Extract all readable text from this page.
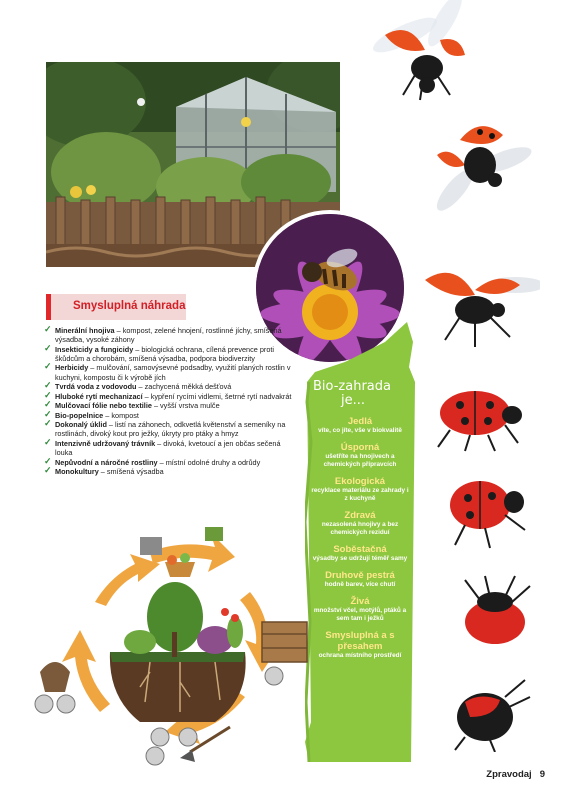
Smysluplná náhrada
✓ Minerální hnojiva – kompost, zelené hnojení, rostlinné jíchy, smíšená výsadba, vysoké záhony
✓ Insekticidy a fungicidy – biologická ochrana, cílená prevence proti škůdcům a chorobám, smíšená výsadba, podpora biodiverzity
✓ Herbicidy – mulčování, samovýsevné podsadby, využití planých rostlin v kuchyni, kompostu či k výrobě jích
✓ Tvrdá voda z vodovodu – zachycená měkká dešťová
✓ Hluboké rytí mechanizací – kypření rycími vidlemi, šetrné rytí nadvakrát
✓ Mulčovací fólie nebo textilie – vyšší vrstva mulče
✓ Bio-popelnice – kompost
✓ Dokonalý úklid – listí na záhonech, odkvetlá květenství a semeníky na rostlinách, divoký kout pro ježky, úkryty pro ptáky a hmyz
✓ Intenzivně udržovaný trávník – divoká, kvetoucí a jen občas sečená louka
✓ Nepůvodní a náročné rostliny – místní odolné druhy a odrůdy
✓ Monokultury – smíšená výsadba
Bio-zahrada
je...
Jedlá
víte, co jíte, vše v biokvalitě
Úsporná
ušetříte na hnojivech a chemických přípravcích
Ekologická
recyklace materiálu ze zahrady i z kuchyně
Zdravá
nezasolená hnojivy a bez chemických reziduí
Soběstačná
výsadby se udržují téměř samy
Druhově pestrá
hodně barev, více chutí
Živá
množství včel, motýlů, ptáků a sem tam i ježků
Smysluplná a s přesahem
ochrana místního prostředí
Zpravodaj 9
